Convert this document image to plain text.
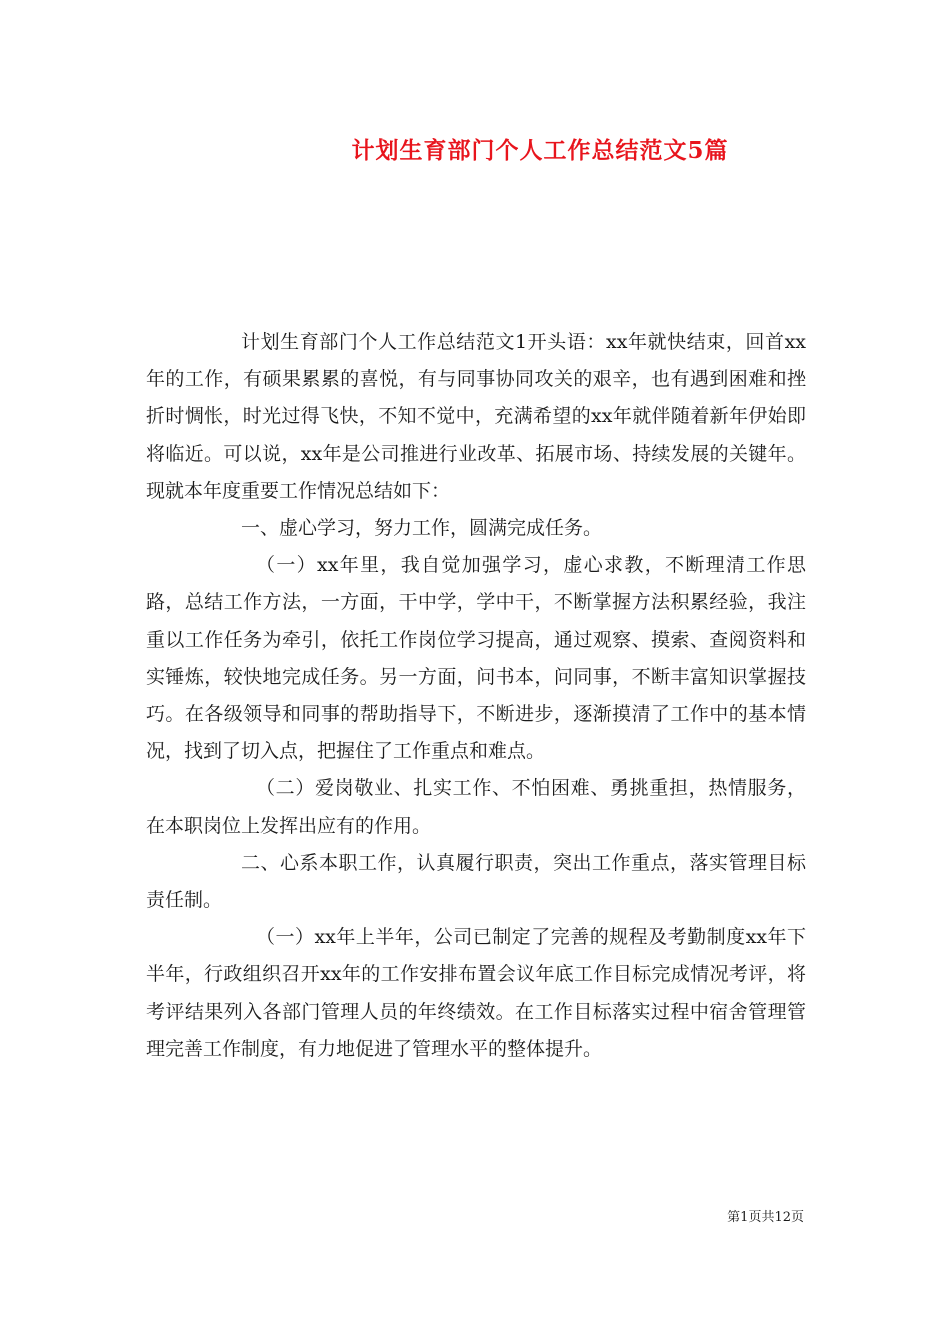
计划生育部门个人工作总结范文5篇

计划生育部门个人工作总结范文1开头语：xx年就快结束，回首xx年的工作，有硕果累累的喜悦，有与同事协同攻关的艰辛，也有遇到困难和挫折时惆怅，时光过得飞快，不知不觉中，充满希望的xx年就伴随着新年伊始即将临近。可以说，xx年是公司推进行业改革、拓展市场、持续发展的关键年。现就本年度重要工作情况总结如下：

一、虚心学习，努力工作，圆满完成任务。

（一）xx年里，我自觉加强学习，虚心求教，不断理清工作思路，总结工作方法，一方面，干中学，学中干，不断掌握方法积累经验，我注重以工作任务为牵引，依托工作岗位学习提高，通过观察、摸索、查阅资料和实锤炼，较快地完成任务。另一方面，问书本，问同事，不断丰富知识掌握技巧。在各级领导和同事的帮助指导下，不断进步，逐渐摸清了工作中的基本情况，找到了切入点，把握住了工作重点和难点。

（二）爱岗敬业、扎实工作、不怕困难、勇挑重担，热情服务，在本职岗位上发挥出应有的作用。

二、心系本职工作，认真履行职责，突出工作重点，落实管理目标责任制。

（一）xx年上半年，公司已制定了完善的规程及考勤制度xx年下半年，行政组织召开xx年的工作安排布置会议年底工作目标完成情况考评，将考评结果列入各部门管理人员的年终绩效。在工作目标落实过程中宿舍管理管理完善工作制度，有力地促进了管理水平的整体提升。

第1页共12页
